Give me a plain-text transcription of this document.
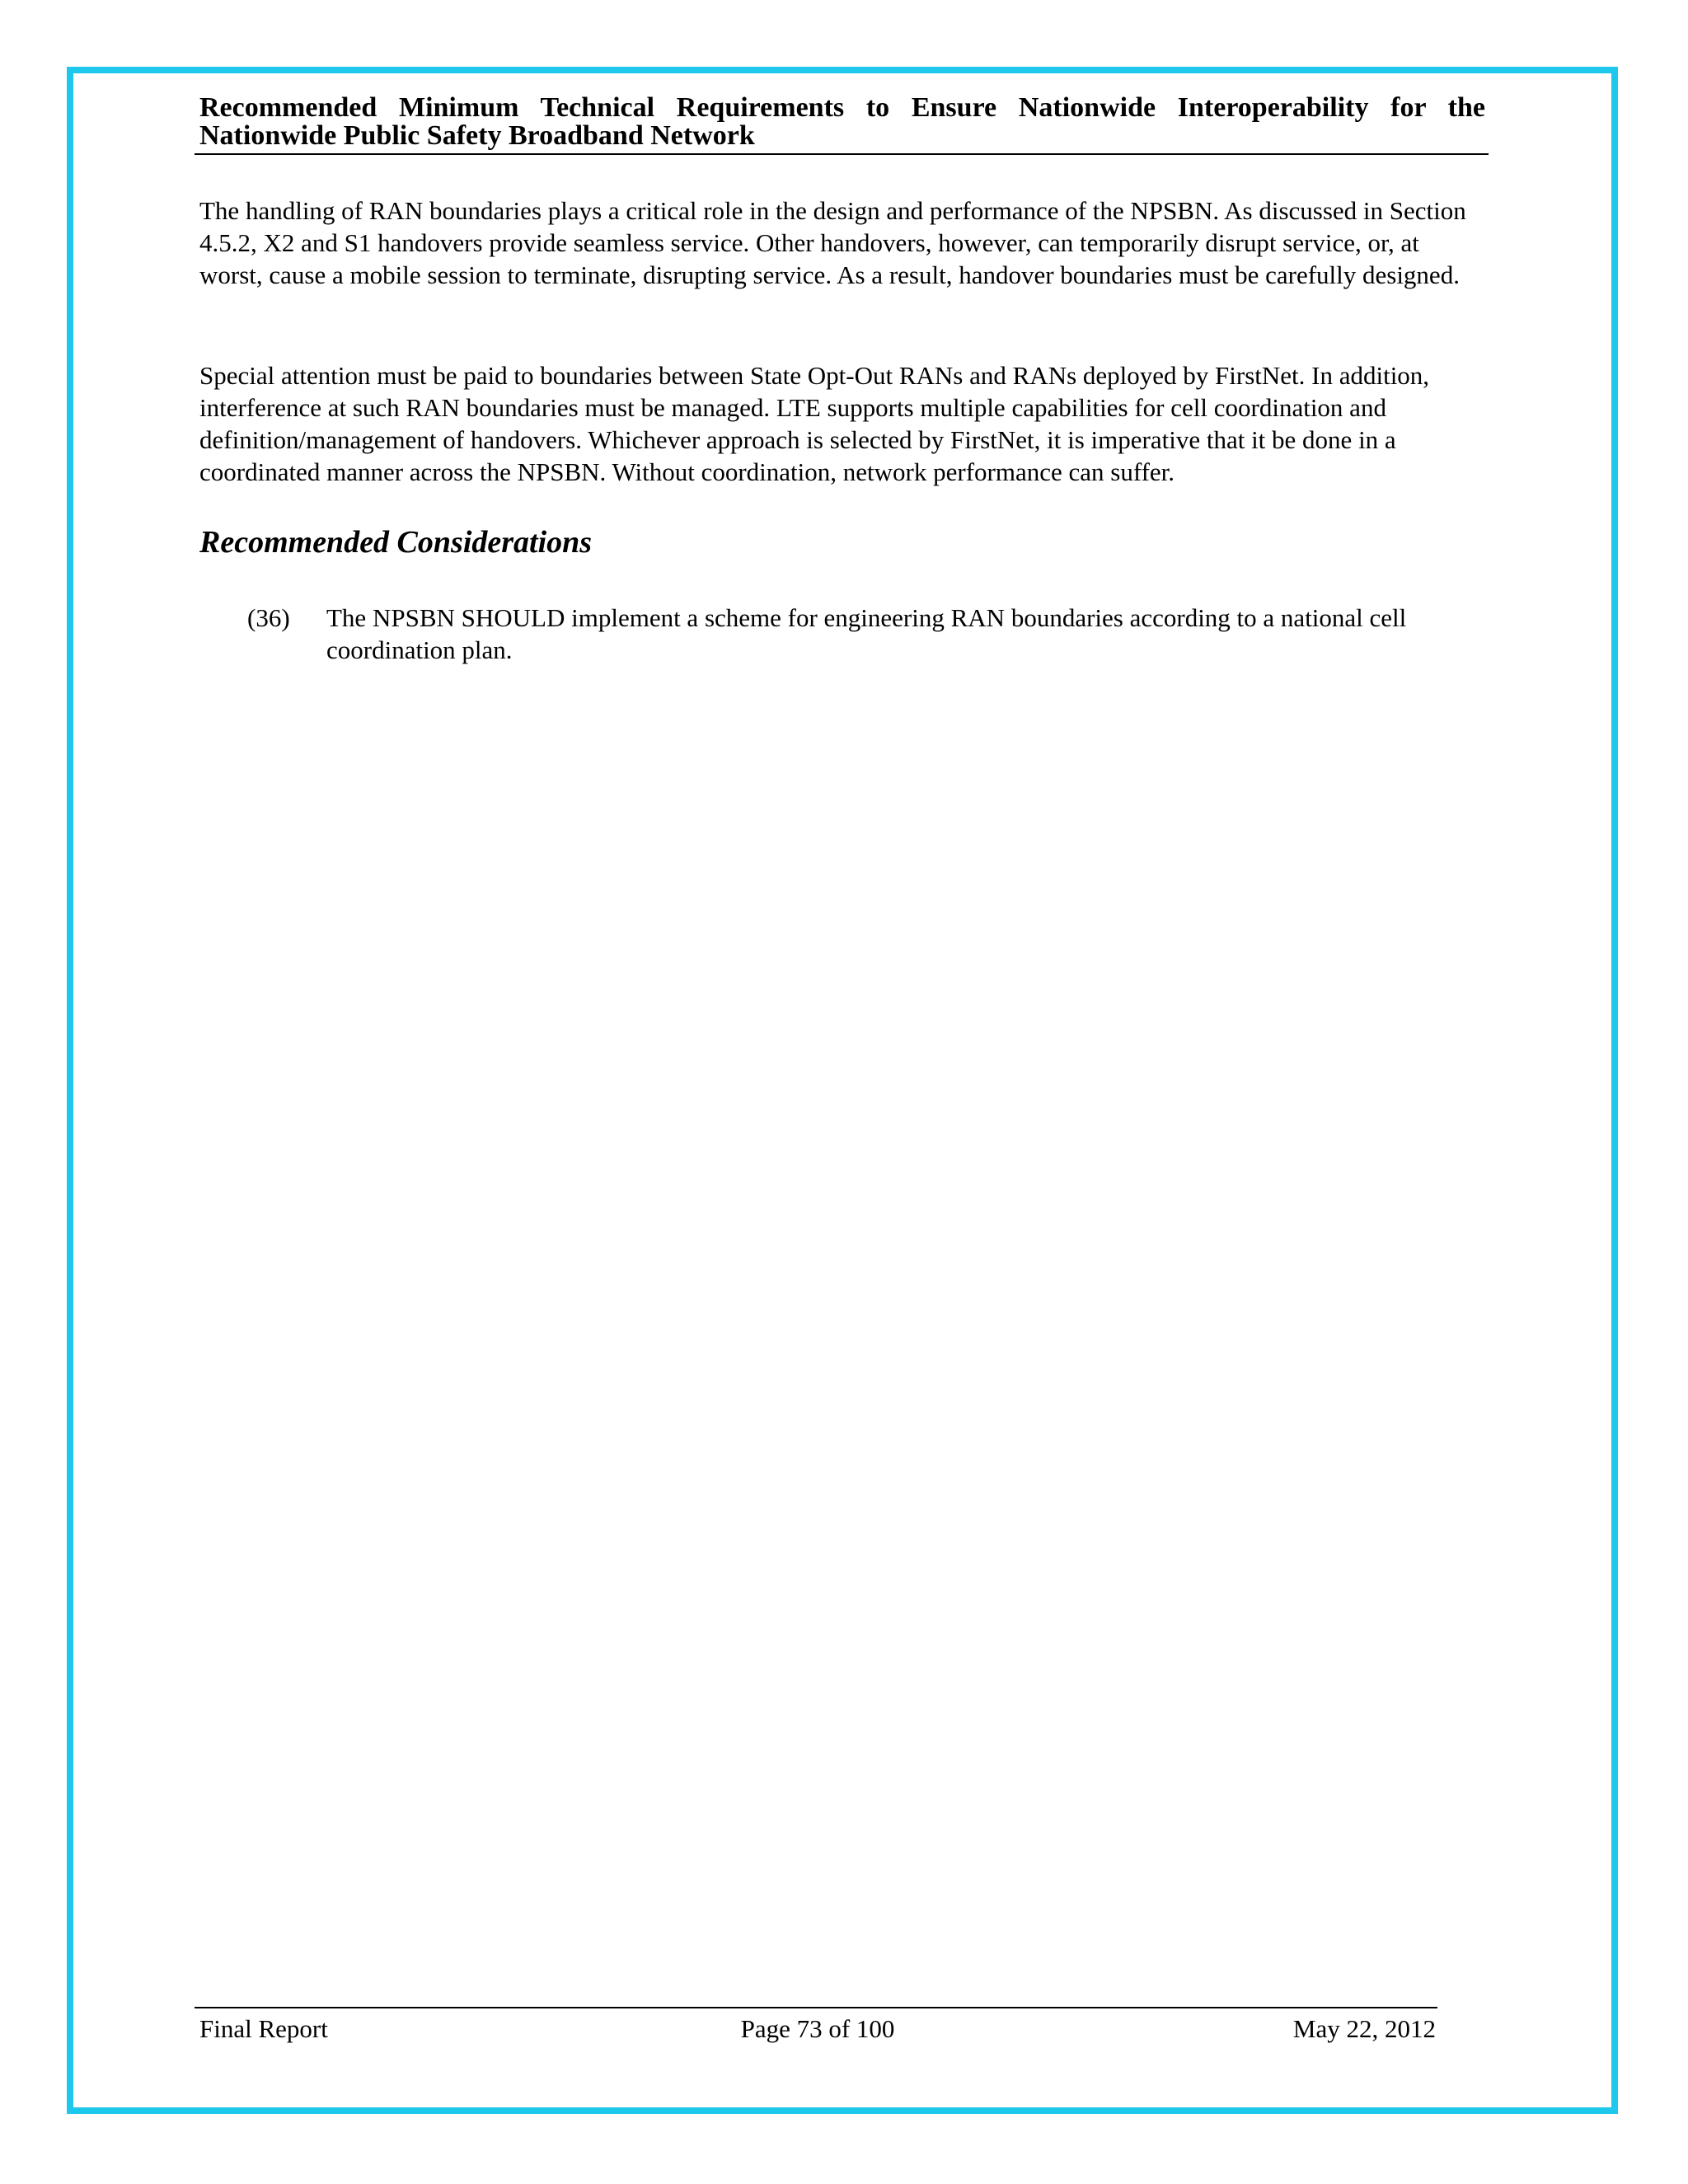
Recommended Minimum Technical Requirements to Ensure Nationwide Interoperability for the Nationwide Public Safety Broadband Network

The handling of RAN boundaries plays a critical role in the design and performance of the NPSBN. As discussed in Section 4.5.2, X2 and S1 handovers provide seamless service. Other handovers, however, can temporarily disrupt service, or, at worst, cause a mobile session to terminate, disrupting service. As a result, handover boundaries must be carefully designed.

Special attention must be paid to boundaries between State Opt-Out RANs and RANs deployed by FirstNet. In addition, interference at such RAN boundaries must be managed. LTE supports multiple capabilities for cell coordination and definition/management of handovers. Whichever approach is selected by FirstNet, it is imperative that it be done in a coordinated manner across the NPSBN. Without coordination, network performance can suffer.

Recommended Considerations
(36)	The NPSBN SHOULD implement a scheme for engineering RAN boundaries according to a national cell coordination plan.
Final Report	Page 73 of 100	May 22, 2012
